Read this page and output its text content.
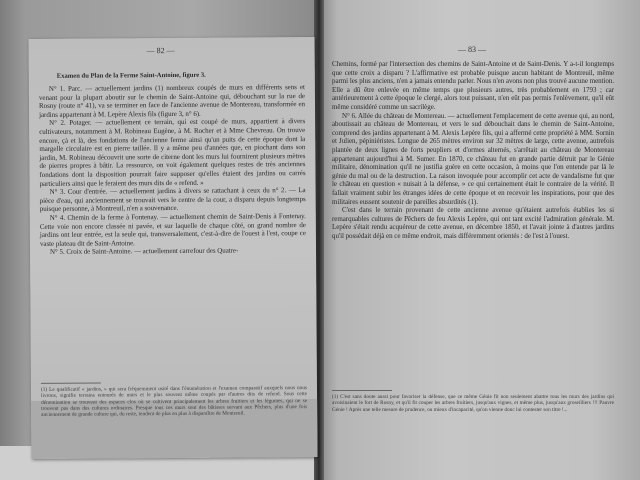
— 83 —

Chemins, formé par l'intersection des chemins de Saint-Antoine et de Saint-Denis. Y a-t-il longtemps que cette croix a disparu ? L'affirmative est probable puisque aucun habitant de Montreuil, même parmi les plus anciens, n'en a jamais entendu parler. Nous n'en avons non plus trouvé aucune mention. Elle a dû être enlevée en même temps que plusieurs autres, très probablement en 1793 ; car antérieurement à cette époque le clergé, alors tout puissant, n'en eût pas permis l'enlèvement, qu'il eût même considéré comme un sacrilège.

N° 6. Allée du château de Montereau. — actuellement l'emplacement de cette avenue qui, au nord, aboutissait au château de Montereau, et vers le sud débouchait dans le chemin de Saint-Antoine, comprend des jardins appartenant à M. Alexis Lepère fils, qui a affermé cette propriété à MM. Sornin et Julien, pépiniéristes. Longue de 265 mètres environ sur 32 mètres de large, cette avenue, autrefois plantée de deux lignes de forts peupliers et d'ormes alternés, s'arrêtait au château de Montereau appartenant aujourd'hui à M. Sumer. En 1870, ce château fut en grande partie détruit par le Génie militaire, dénomination qu'il ne justifia guère en cette occasion, à moins que l'on entende par là le génie du mal ou de la destruction. La raison invoquée pour accomplir cet acte de vandalisme fut que le château en question « nuisait à la défense, » ce qui certainement était le contraire de la vérité. Il fallait vraiment subir les étranges idées de cette époque et en recevoir les inspirations, pour que des militaires eussent soutenir de pareilles absurdités (1).

C'est dans le terrain provenant de cette ancienne avenue qu'étaient autrefois établies les si remarquables cultures de Pêchers de feu Alexis Lepère, qui ont tant excité l'admiration générale. M. Lepère s'était rendu acquéreur de cette avenue, en décembre 1850, et l'avait jointe à d'autres jardins qu'il possédait déjà en ce même endroit, mais différemment orientés : de l'est à l'ouest.

(1) C'est sans doute aussi pour favoriser la défense, que ce même Génie fit non seulement abattre tous les murs des jardins qui avoisinaient le fort de Rosny, et qu'il fit couper les arbres fruitiers, jusqu'aux vignes, et même plus, jusqu'aux groseilliers !!! Pauvre Génie ! Après une telle mesure de prudence, ou mieux d'incapacité, qu'on vienne donc lui contester son titre !...
— 82 —
Examen du Plan de la Ferme Saint-Antoine, figure 3.

N° 1. Parc. — actuellement jardins (1) nombreux coupés de murs en différents sens et venant pour la plupart aboutir sur le chemin de Saint-Antoine qui, débouchant sur la rue de Rosny (route n° 41), va se terminer en face de l'ancienne avenue de Montereau, transformée en jardins appartenant à M. Lepère Alexis fils (figure 3, n° 6).

N° 2. Potager. — actuellement ce terrain, qui est coupé de murs, appartient à divers cultivateurs, notamment à M. Robineau Eugène, à M. Rocher et à Mme Chevreau. On trouve encore, çà et là, des fondations de l'ancienne ferme ainsi qu'un puits de cette époque dont la margelle circulaire est en pierre taillée. Il y a même peu d'années que, en piochant dans son jardin, M. Robineau découvrit une sorte de citerne dont les murs lui fournirent plusieurs mètres de pierres propres à bâtir. La ressource, on voit également quelques restes de très anciennes fondations dont la disposition pourrait faire supposer qu'elles étaient des jardins ou carrés particuliers ainsi que le feraient des murs dits de « refend. »

N° 3. Cour d'entrée. — actuellement jardins à divers se rattachant à ceux du n° 2. — La pièce d'eau, qui anciennement se trouvait vers le centre de la cour, a disparu depuis longtemps puisque personne, à Montreuil, n'en a souvenance.

N° 4. Chemin de la ferme à Fontenay. — actuellement chemin de Saint-Denis à Fontenay. Cette voie non encore classée ni pavée, et sur laquelle de chaque côté, on grand nombre de jardins ont leur entrée, est la seule qui, transversalement, c'est-à-dire de l'ouest à l'est, coupe ce vaste plateau dit de Saint-Antoine.

N° 5. Croix de Saint-Antoine. — actuellement carrefour des Quatre-

(1) Le qualificatif « jardins, » qui sera fréquemment usité dans l'énumération et l'examen comparatif auxquels nous nous livrons, signifie terrains entourés de murs et le plus souvent même coupés par d'autres dits de refend. Sous cette dénomination se trouvent des espaces clos où se cultivent principalement les arbres fruitiers et les légumes, qui ne se trouvent pas dans des cultures ordinaires. Presque tous ces murs sont des bâtisses servant aux Pêchers, plus d'une fois anciennement de grande culture qui, du reste, tendent de plus en plus à disparaître de Montreuil.
